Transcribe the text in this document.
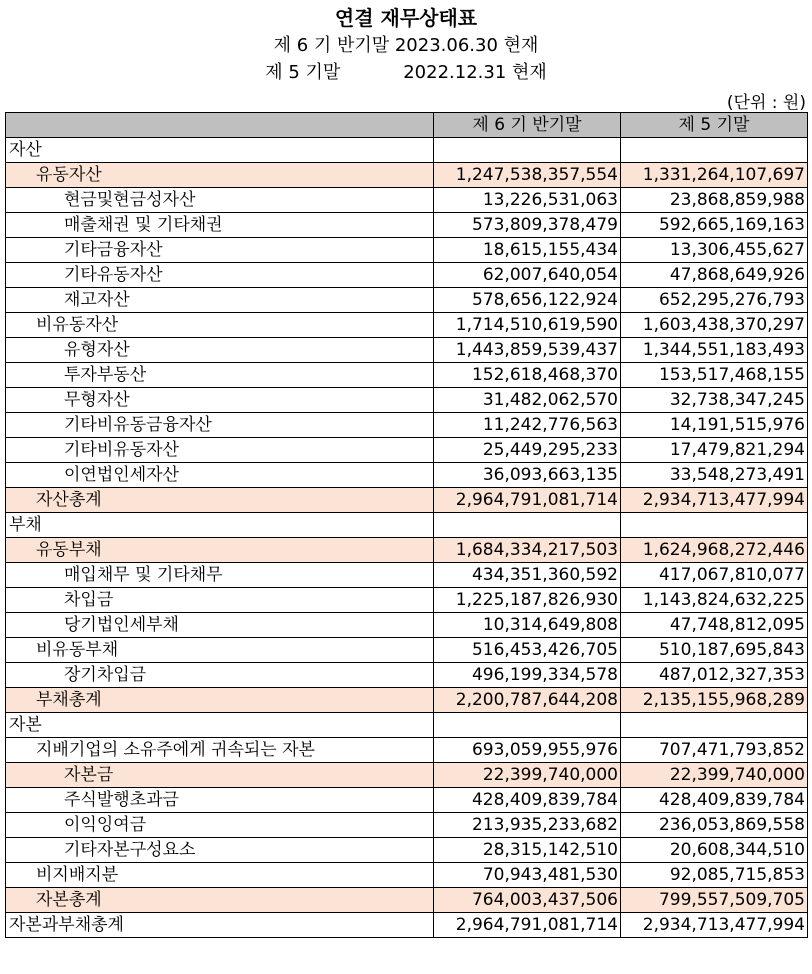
연결 재무상태표
제 6 기 반기말 2023.06.30 현재
제 5 기말           2022.12.31 현재
(단위 : 원)
	제 6 기 반기말	제 5 기말
자산		
유동자산	1,247,538,357,554	1,331,264,107,697
현금및현금성자산	13,226,531,063	23,868,859,988
매출채권 및 기타채권	573,809,378,479	592,665,169,163
기타금융자산	18,615,155,434	13,306,455,627
기타유동자산	62,007,640,054	47,868,649,926
재고자산	578,656,122,924	652,295,276,793
비유동자산	1,714,510,619,590	1,603,438,370,297
유형자산	1,443,859,539,437	1,344,551,183,493
투자부동산	152,618,468,370	153,517,468,155
무형자산	31,482,062,570	32,738,347,245
기타비유동금융자산	11,242,776,563	14,191,515,976
기타비유동자산	25,449,295,233	17,479,821,294
이연법인세자산	36,093,663,135	33,548,273,491
자산총계	2,964,791,081,714	2,934,713,477,994
부채		
유동부채	1,684,334,217,503	1,624,968,272,446
매입채무 및 기타채무	434,351,360,592	417,067,810,077
차입금	1,225,187,826,930	1,143,824,632,225
당기법인세부채	10,314,649,808	47,748,812,095
비유동부채	516,453,426,705	510,187,695,843
장기차입금	496,199,334,578	487,012,327,353
부채총계	2,200,787,644,208	2,135,155,968,289
자본		
지배기업의 소유주에게 귀속되는 자본	693,059,955,976	707,471,793,852
자본금	22,399,740,000	22,399,740,000
주식발행초과금	428,409,839,784	428,409,839,784
이익잉여금	213,935,233,682	236,053,869,558
기타자본구성요소	28,315,142,510	20,608,344,510
비지배지분	70,943,481,530	92,085,715,853
자본총계	764,003,437,506	799,557,509,705
자본과부채총계	2,964,791,081,714	2,934,713,477,994
